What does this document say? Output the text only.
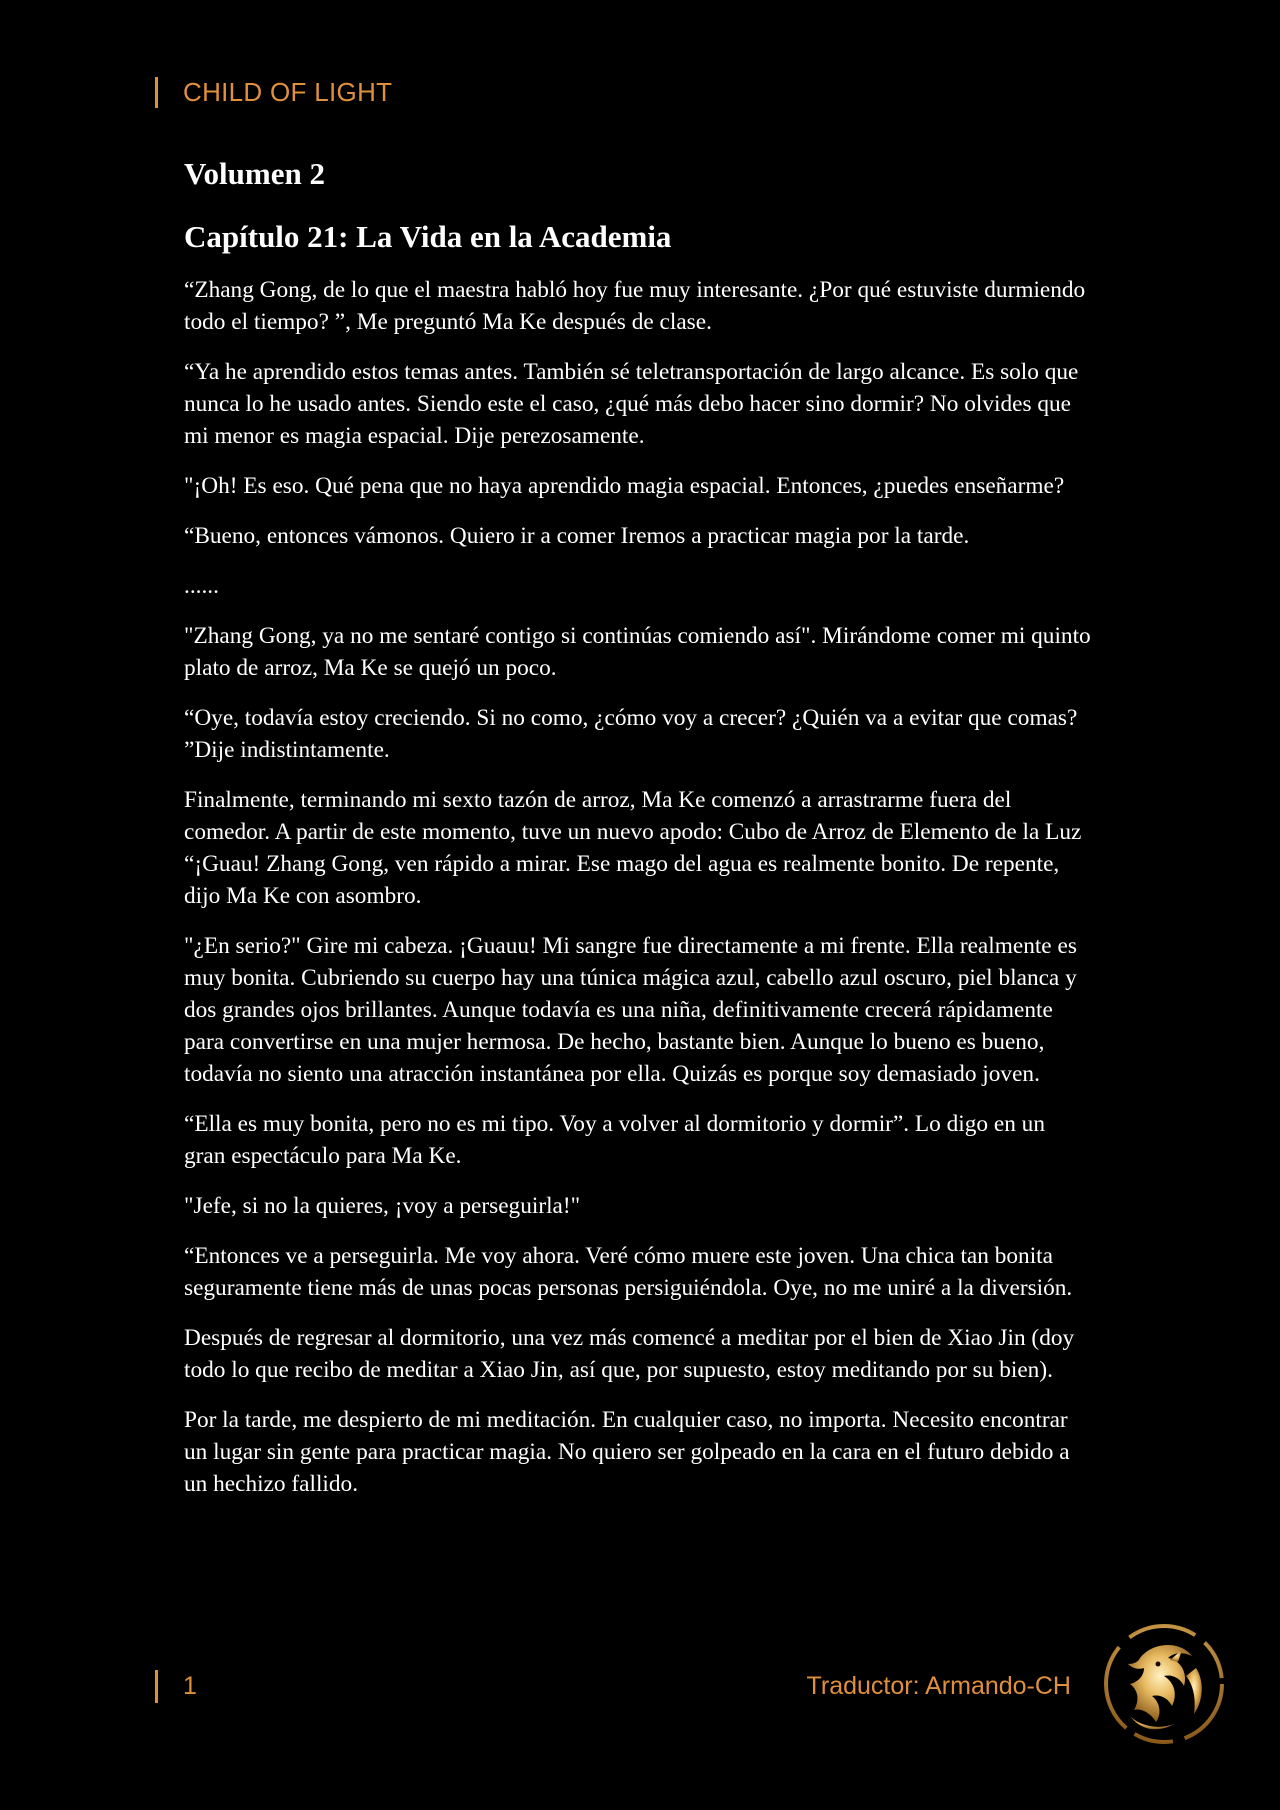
CHILD OF LIGHT
Volumen 2
Capítulo 21: La Vida en la Academia

“Zhang Gong, de lo que el maestra habló hoy fue muy interesante. ¿Por qué estuviste durmiendo todo el tiempo? ”, Me preguntó Ma Ke después de clase.

“Ya he aprendido estos temas antes. También sé teletransportación de largo alcance. Es solo que nunca lo he usado antes. Siendo este el caso, ¿qué más debo hacer sino dormir? No olvides que mi menor es magia espacial. Dije perezosamente.

"¡Oh! Es eso. Qué pena que no haya aprendido magia espacial. Entonces, ¿puedes enseñarme?

“Bueno, entonces vámonos. Quiero ir a comer Iremos a practicar magia por la tarde.

......

"Zhang Gong, ya no me sentaré contigo si continúas comiendo así". Mirándome comer mi quinto plato de arroz, Ma Ke se quejó un poco.

“Oye, todavía estoy creciendo. Si no como, ¿cómo voy a crecer? ¿Quién va a evitar que comas? ”Dije indistintamente.

Finalmente, terminando mi sexto tazón de arroz, Ma Ke comenzó a arrastrarme fuera del comedor. A partir de este momento, tuve un nuevo apodo: Cubo de Arroz de Elemento de la Luz “¡Guau! Zhang Gong, ven rápido a mirar. Ese mago del agua es realmente bonito. De repente, dijo Ma Ke con asombro.

"¿En serio?" Gire mi cabeza. ¡Guauu! Mi sangre fue directamente a mi frente. Ella realmente es muy bonita. Cubriendo su cuerpo hay una túnica mágica azul, cabello azul oscuro, piel blanca y dos grandes ojos brillantes. Aunque todavía es una niña, definitivamente crecerá rápidamente para convertirse en una mujer hermosa. De hecho, bastante bien. Aunque lo bueno es bueno, todavía no siento una atracción instantánea por ella. Quizás es porque soy demasiado joven.

“Ella es muy bonita, pero no es mi tipo. Voy a volver al dormitorio y dormir”. Lo digo en un gran espectáculo para Ma Ke.

"Jefe, si no la quieres, ¡voy a perseguirla!"

“Entonces ve a perseguirla. Me voy ahora. Veré cómo muere este joven. Una chica tan bonita seguramente tiene más de unas pocas personas persiguiéndola. Oye, no me uniré a la diversión.

Después de regresar al dormitorio, una vez más comencé a meditar por el bien de Xiao Jin (doy todo lo que recibo de meditar a Xiao Jin, así que, por supuesto, estoy meditando por su bien).

Por la tarde, me despierto de mi meditación. En cualquier caso, no importa. Necesito encontrar un lugar sin gente para practicar magia. No quiero ser golpeado en la cara en el futuro debido a un hechizo fallido.

1	Traductor: Armando-CH
